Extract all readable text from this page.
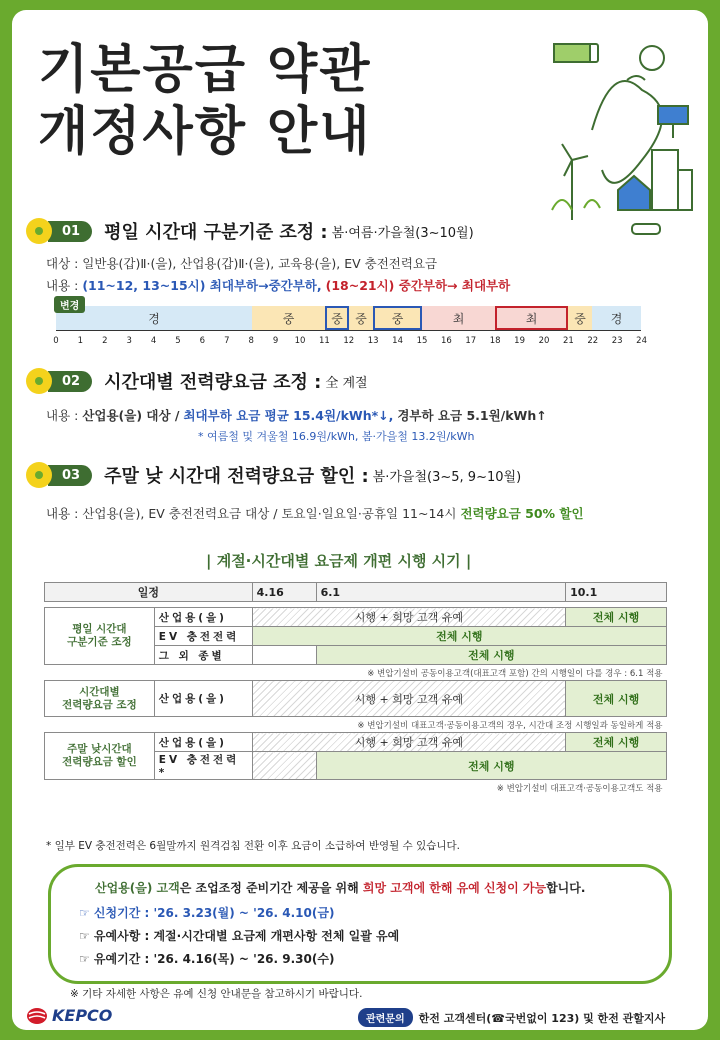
기본공급 약관
개정사항 안내
01	평일 시간대 구분기준 조정 : 봄·여름·가을철(3~10월)
대상 : 일반용(갑)Ⅱ·(을), 산업용(갑)Ⅱ·(을), 교육용(을), EV 충전전력요금
내용 : (11~12, 13~15시) 최대부하→중간부하, (18~21시) 중간부하→ 최대부하
변경
경	중	중	중	중	최	최	중	경
0 1 2 3 4 5 6 7 8 9 10 11 12 13 14 15 16 17 18 19 20 21 22 23 24
02	시간대별 전력량요금 조정 : 全 계절
내용 : 산업용(을) 대상 / 최대부하 요금 평균 15.4원/kWh*↓, 경부하 요금 5.1원/kWh↑
* 여름철 및 겨울철 16.9원/kWh, 봄·가을철 13.2원/kWh
03	주말 낮 시간대 전력량요금 할인 : 봄·가을철(3~5, 9~10월)
내용 : 산업용(을), EV 충전전력요금 대상 / 토요일·일요일·공휴일 11~14시 전력량요금 50% 할인
| 계절·시간대별 요금제 개편 시행 시기 |
일정		4.16	6.1	10.1

평일 시간대
구분기준 조정	산업용(을)	시행 + 희망 고객 유예		전체 시행
	EV 충전전력	전체 시행		
	그 외 종별		전체 시행	
※ 변압기설비 공동이용고객(대표고객 포함) 간의 시행일이 다를 경우 : 6.1 적용				
시간대별
전력량요금 조정	산업용(을)	시행 + 희망 고객 유예		전체 시행
※ 변압기설비 대표고객·공동이용고객의 경우, 시간대 조정 시행일과 동일하게 적용				
주말 낮시간대
전력량요금 할인	산업용(을)	시행 + 희망 고객 유예		전체 시행
	EV 충전전력*		전체 시행	
※ 변압기설비 대표고객·공동이용고객도 적용				
* 일부 EV 충전전력은 6월말까지 원격검침 전환 이후 요금이 소급하여 반영될 수 있습니다.
산업용(을) 고객은 조업조정 준비기간 제공을 위해 희망 고객에 한해 유예 신청이 가능합니다.
☞ 신청기간 : '26. 3.23(월) ~ '26. 4.10(금)
☞ 유예사항 : 계절·시간대별 요금제 개편사항 전체 일괄 유예
☞ 유예기간 : '26. 4.16(목) ~ '26. 9.30(수)
※ 기타 자세한 사항은 유예 신청 안내문을 참고하시기 바랍니다.
KEPCO	관련문의	한전 고객센터(☎국번없이 123) 및 한전 관할지사
